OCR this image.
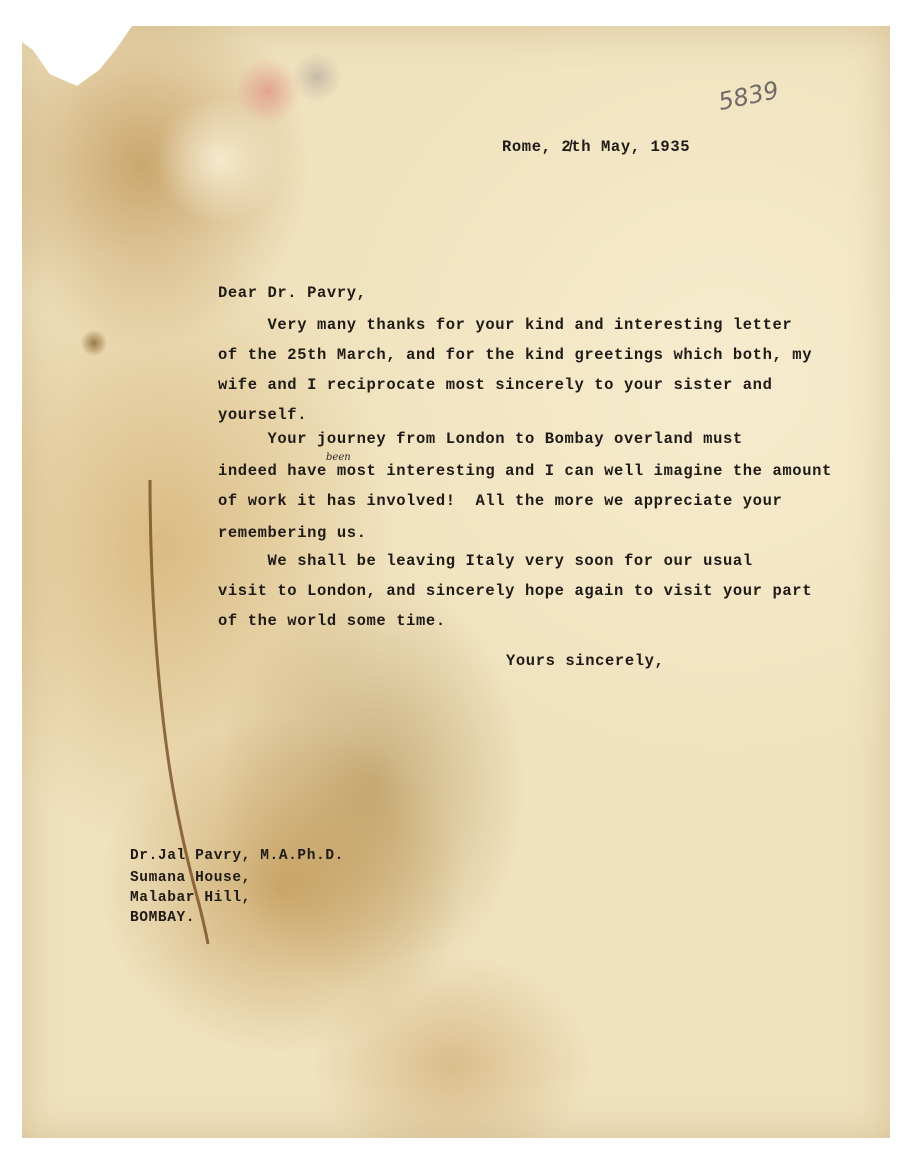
5839
Rome, 2̸th May, 1935
Dear Dr. Pavry,
Very many thanks for your kind and interesting letter
of the 25th March, and for the kind greetings which both, my
wife and I reciprocate most sincerely to your sister and
yourself.
Your journey from London to Bombay overland must
indeed have most interesting and I can well imagine the amount
of work it has involved!  All the more we appreciate your
remembering us.
We shall be leaving Italy very soon for our usual
visit to London, and sincerely hope again to visit your part
of the world some time.
been
Yours sincerely,
Dr.Jal Pavry, M.A.Ph.D.
Sumana House,
Malabar Hill,
BOMBAY.
